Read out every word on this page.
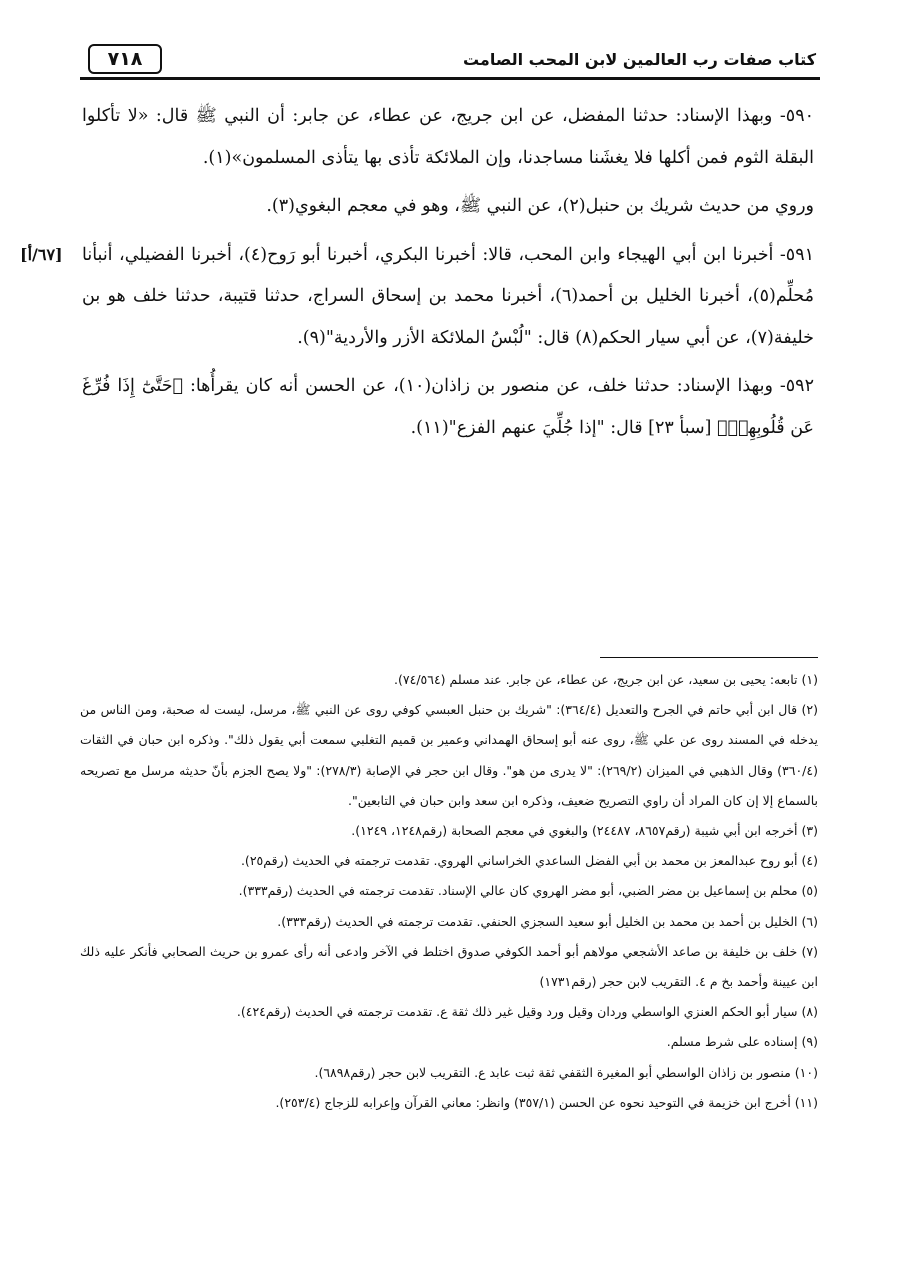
٧١٨	كتاب صفات رب العالمين لابن المحب الصامت
[٦٧/أ]

٥٩٠- وبهذا الإسناد: حدثنا المفضل، عن ابن جريج، عن عطاء، عن جابر: أن النبي ﷺ قال: «لا تأكلوا البقلة الثوم فمن أكلها فلا يغشَنا مساجدنا، وإن الملائكة تأذى بها يتأذى المسلمون»(١).

وروي من حديث شريك بن حنبل(٢)، عن النبي ﷺ، وهو في معجم البغوي(٣).

٥٩١- أخبرنا ابن أبي الهيجاء وابن المحب، قالا: أخبرنا البكري، أخبرنا أبو رَوح(٤)، أخبرنا الفضيلي، أنبأنا مُحلِّم(٥)، أخبرنا الخليل بن أحمد(٦)، أخبرنا محمد بن إسحاق السراج، حدثنا قتيبة، حدثنا خلف هو بن خليفة(٧)، عن أبي سيار الحكم(٨) قال: "لُبْسُ الملائكة الأزر والأردية"(٩).

٥٩٢- وبهذا الإسناد: حدثنا خلف، عن منصور بن زاذان(١٠)، عن الحسن أنه كان يقرأُها: ﴿حَتَّىٰٓ إِذَا فُرِّغَ عَن قُلُوبِهِمۡ﴾ [سبأ ٢٣] قال: "إذا جُلِّيَ عنهم الفزع"(١١).

(١) تابعه: يحيى بن سعيد، عن ابن جريج، عن عطاء، عن جابر. عند مسلم (٧٤/٥٦٤).

(٢) قال ابن أبي حاتم في الجرح والتعديل (٣٦٤/٤): "شريك بن حنبل العبسي كوفي روى عن النبي ﷺ، مرسل، ليست له صحبة، ومن الناس من يدخله في المسند روى عن علي ﷺ، روى عنه أبو إسحاق الهمداني وعمير بن قميم التغلبي سمعت أبي يقول ذلك". وذكره ابن حبان في الثقات (٣٦٠/٤) وقال الذهبي في الميزان (٢٦٩/٢): "لا يدرى من هو". وقال ابن حجر في الإصابة (٢٧٨/٣): "ولا يصح الجزم بأنّ حديثه مرسل مع تصريحه بالسماع إلا إن كان المراد أن راوي التصريح ضعيف، وذكره ابن سعد وابن حبان في التابعين".

(٣) أخرجه ابن أبي شيبة (رقم٨٦٥٧، ٢٤٤٨٧) والبغوي في معجم الصحابة (رقم١٢٤٨، ١٢٤٩).

(٤) أبو روح عبدالمعز بن محمد بن أبي الفضل الساعدي الخراساني الهروي. تقدمت ترجمته في الحديث (رقم٢٥).

(٥) محلم بن إسماعيل بن مضر الضبي، أبو مضر الهروي كان عالي الإسناد. تقدمت ترجمته في الحديث (رقم٣٣٣).

(٦) الخليل بن أحمد بن محمد بن الخليل أبو سعيد السجزي الحنفي. تقدمت ترجمته في الحديث (رقم٣٣٣).

(٧) خلف بن خليفة بن صاعد الأشجعي مولاهم أبو أحمد الكوفي صدوق اختلط في الآخر وادعى أنه رأى عمرو بن حريث الصحابي فأنكر عليه ذلك ابن عيينة وأحمد بخ م ٤. التقريب لابن حجر (رقم١٧٣١)

(٨) سيار أبو الحكم العنزي الواسطي وردان وقيل ورد وقيل غير ذلك ثقة ع. تقدمت ترجمته في الحديث (رقم٤٢٤).

(٩) إسناده على شرط مسلم.

(١٠) منصور بن زاذان الواسطي أبو المغيرة الثقفي ثقة ثبت عابد ع. التقريب لابن حجر (رقم٦٨٩٨).

(١١) أخرج ابن خزيمة في التوحيد نحوه عن الحسن (٣٥٧/١) وانظر: معاني القرآن وإعرابه للزجاج (٢٥٣/٤).
